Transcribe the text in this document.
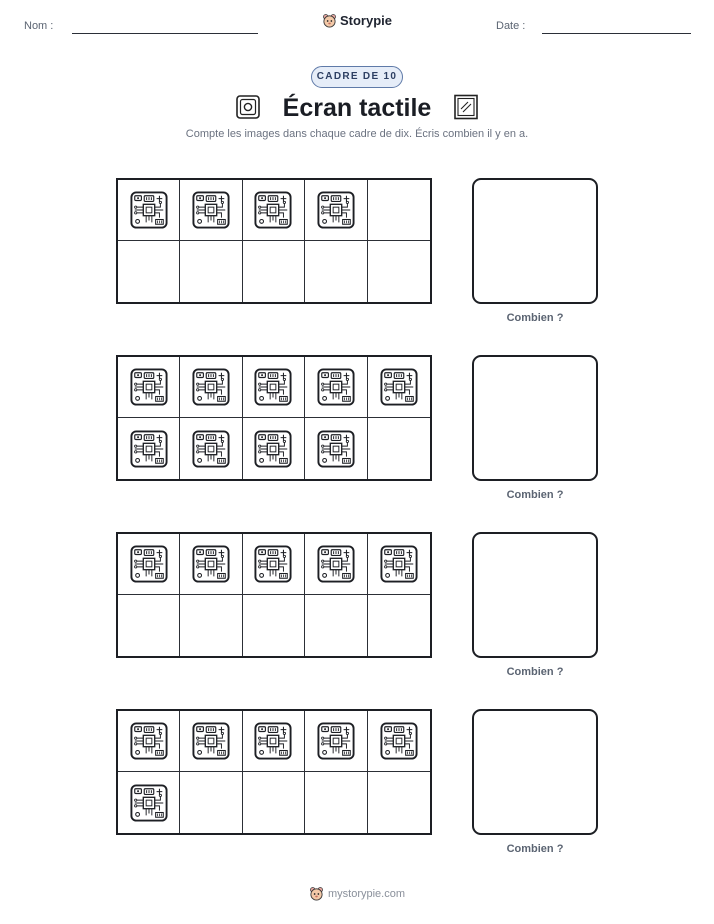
Nom :	Storypie	Date :
CADRE DE 10
Écran tactile
Compte les images dans chaque cadre de dix. Écris combien il y en a.
Combien ?
Combien ?
Combien ?
Combien ?
mystorypie.com
